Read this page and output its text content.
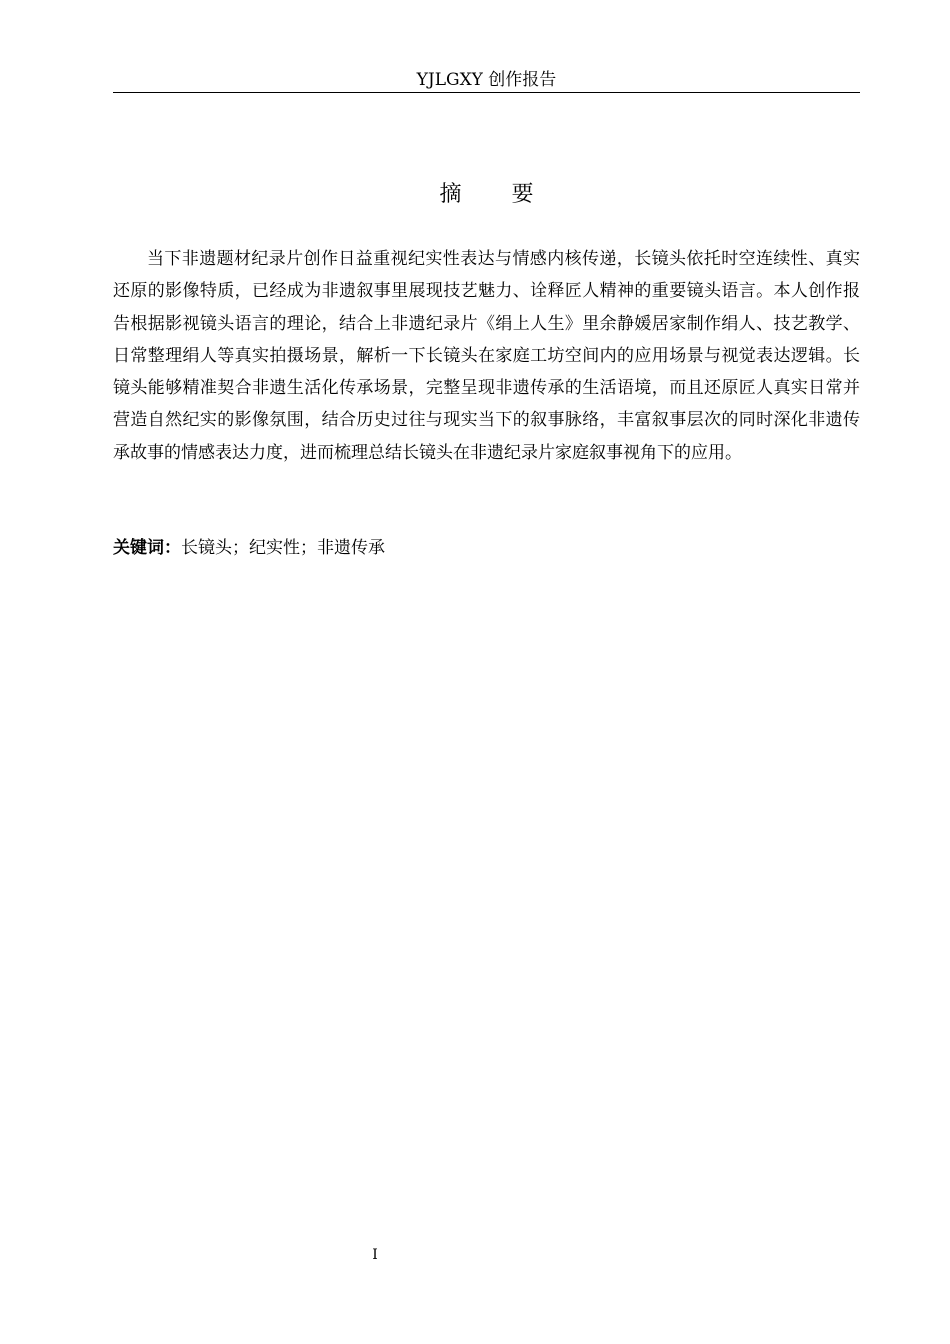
YJLGXY 创作报告
摘　要

当下非遗题材纪录片创作日益重视纪实性表达与情感内核传递，长镜头依托时空连续性、真实还原的影像特质，已经成为非遗叙事里展现技艺魅力、诠释匠人精神的重要镜头语言。本人创作报告根据影视镜头语言的理论，结合上非遗纪录片《绢上人生》里余静媛居家制作绢人、技艺教学、日常整理绢人等真实拍摄场景，解析一下长镜头在家庭工坊空间内的应用场景与视觉表达逻辑。长镜头能够精准契合非遗生活化传承场景，完整呈现非遗传承的生活语境，而且还原匠人真实日常并营造自然纪实的影像氛围，结合历史过往与现实当下的叙事脉络，丰富叙事层次的同时深化非遗传承故事的情感表达力度，进而梳理总结长镜头在非遗纪录片家庭叙事视角下的应用。

关键词：长镜头；纪实性；非遗传承
I
